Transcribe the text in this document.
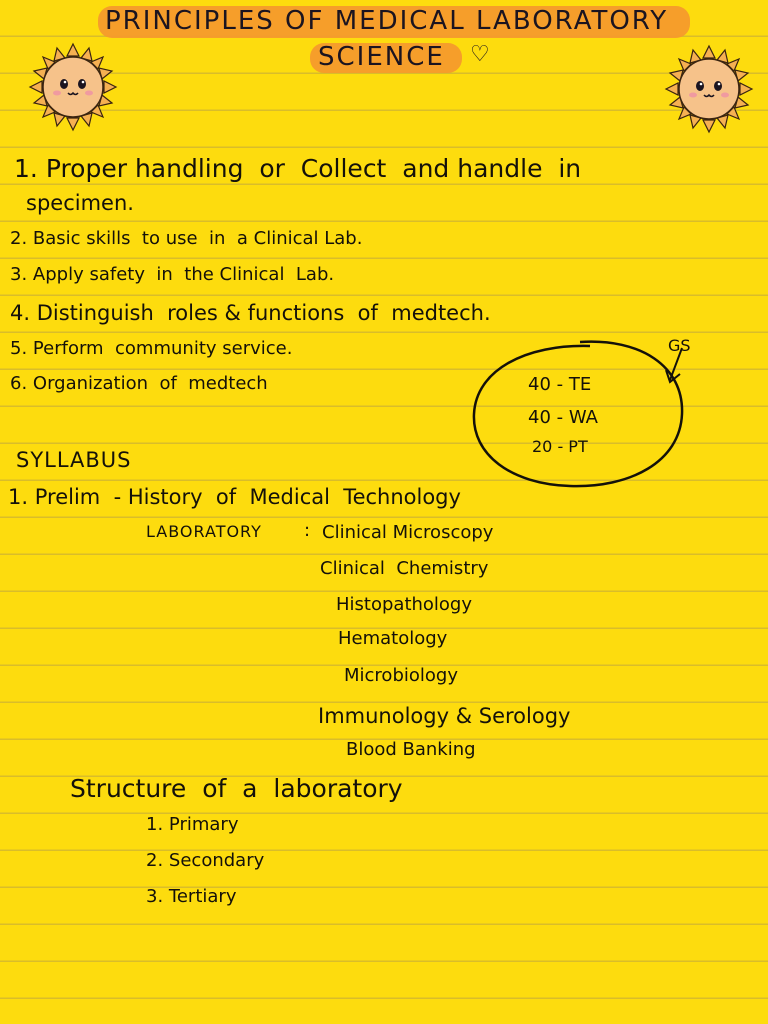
PRINCIPLES OF MEDICAL LABORATORY
SCIENCE ♡
1. Proper handling  or  Collect  and handle  in
specimen.
2. Basic skills  to use  in  a Clinical Lab.
3. Apply safety  in  the Clinical  Lab.
4. Distinguish  roles & functions  of  medtech.
5. Perform  community service.
6. Organization  of  medtech
GS
40 - TE
40 - WA
20 - PT
SYLLABUS
1. Prelim  - History  of  Medical  Technology
LABORATORY : Clinical Microscopy
Clinical  Chemistry
Histopathology
Hematology
Microbiology
Immunology & Serology
Blood Banking
Structure  of  a  laboratory
1. Primary
2. Secondary
3. Tertiary
